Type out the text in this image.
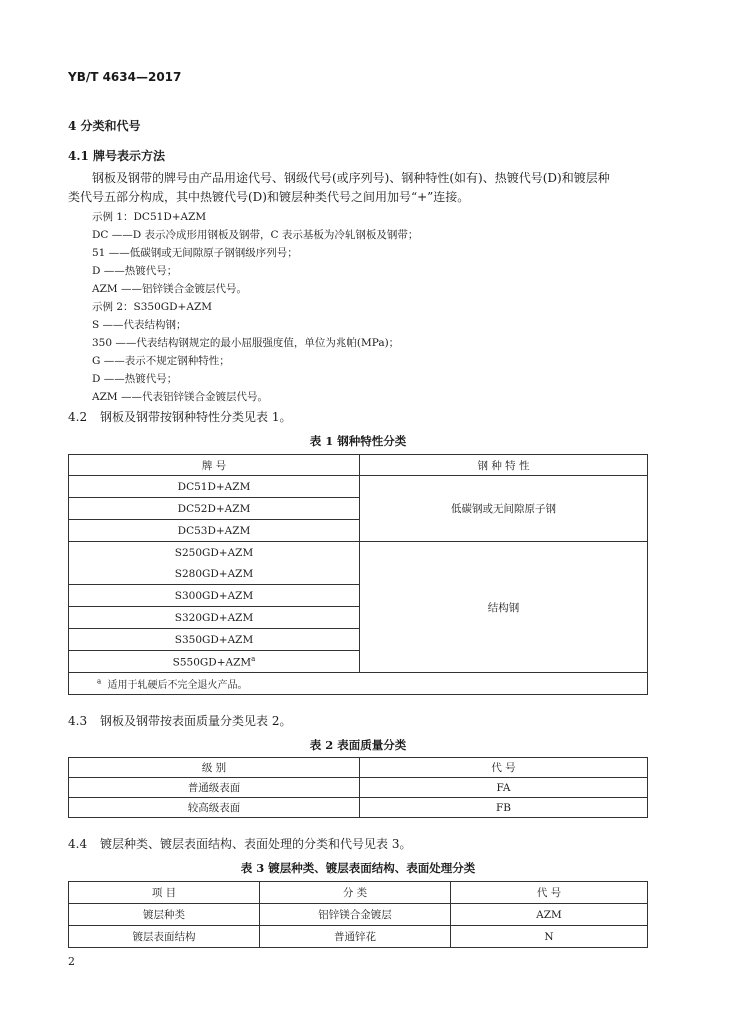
YB/T 4634—2017
4 分类和代号
4.1 牌号表示方法
钢板及钢带的牌号由产品用途代号、钢级代号(或序列号)、钢种特性(如有)、热镀代号(D)和镀层种
类代号五部分构成，其中热镀代号(D)和镀层种类代号之间用加号“+”连接。
示例 1：DC51D+AZM
DC ——D 表示冷成形用钢板及钢带，C 表示基板为冷轧钢板及钢带；
51 ——低碳钢或无间隙原子钢钢级序列号；
D ——热镀代号；
AZM ——铝锌镁合金镀层代号。
示例 2：S350GD+AZM
S ——代表结构钢；
350 ——代表结构钢规定的最小屈服强度值，单位为兆帕(MPa)；
G ——表示不规定钢种特性；
D ——热镀代号；
AZM ——代表铝锌镁合金镀层代号。
4.2 钢板及钢带按钢种特性分类见表 1。
表 1 钢种特性分类
牌 号	钢 种 特 性
DC51D+AZM	低碳钢或无间隙原子钢
DC52D+AZM	
DC53D+AZM	
S250GD+AZM	结构钢
S280GD+AZM	
S300GD+AZM	
S320GD+AZM	
S350GD+AZM	
$S550GD+AZM^a$
$^a$ 适用于轧硬后不完全退火产品。	
4.3 钢板及钢带按表面质量分类见表 2。
表 2 表面质量分类
级 别	代 号
普通级表面	FA
较高级表面	FB
4.4 镀层种类、镀层表面结构、表面处理的分类和代号见表 3。
表 3 镀层种类、镀层表面结构、表面处理分类
项 目	分 类	代 号
镀层种类	铝锌镁合金镀层	AZM
镀层表面结构	普通锌花	N
2
